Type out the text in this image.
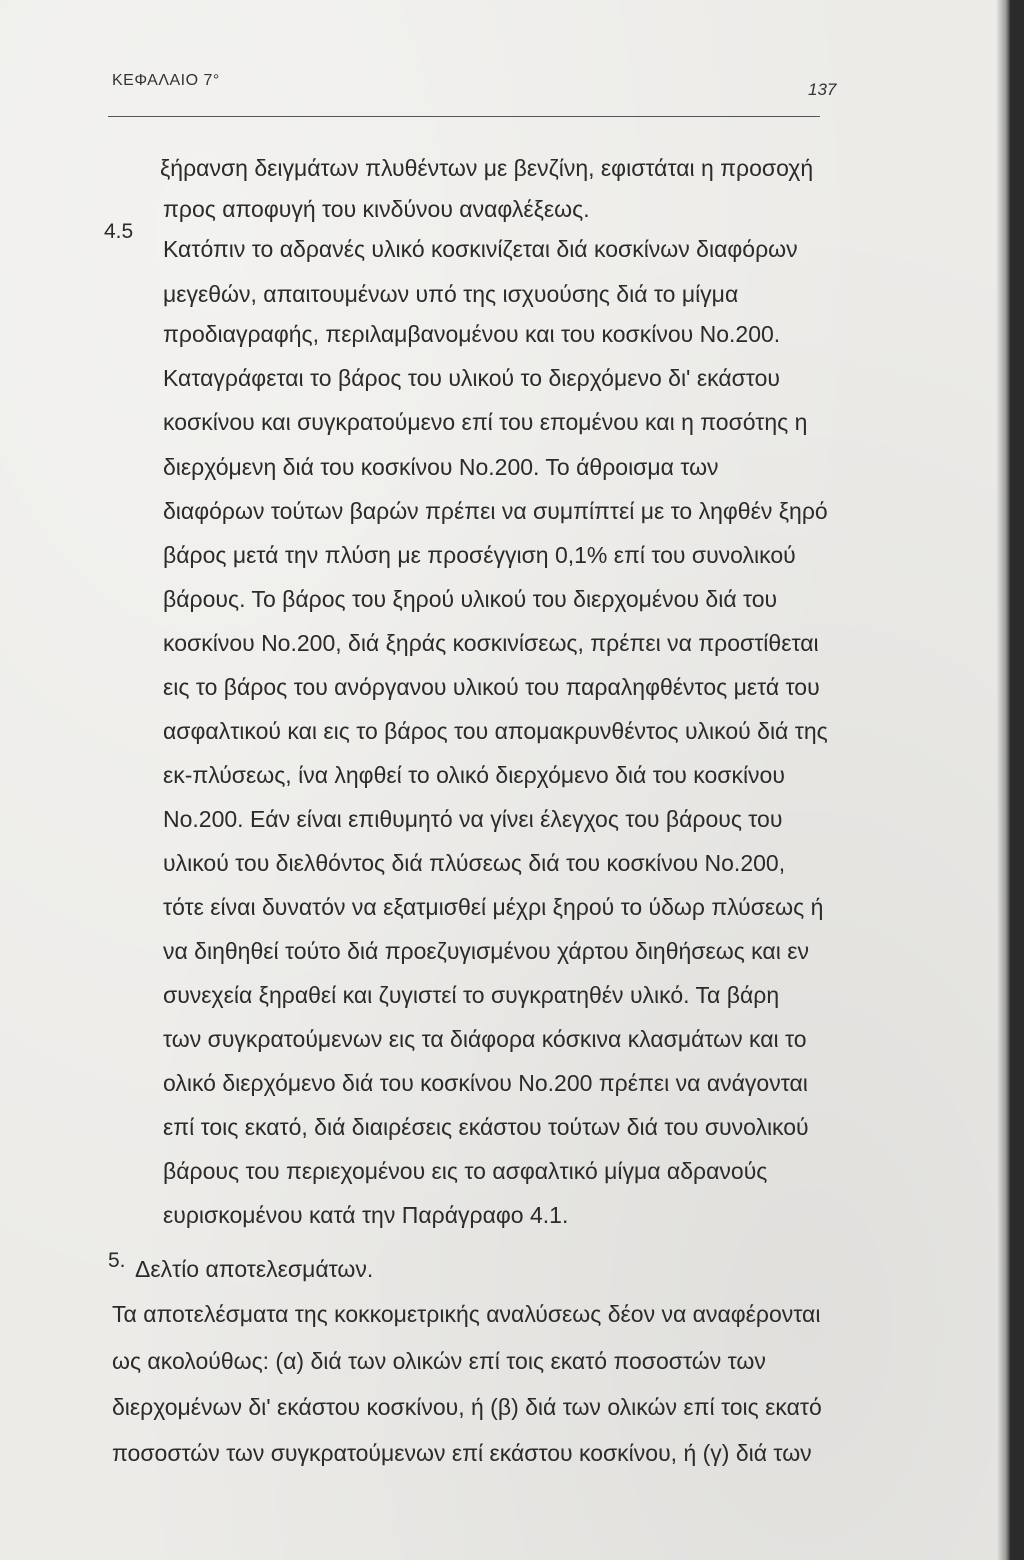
ΚΕΦΑΛΑΙΟ 7°	137
4.5
5.
ξήρανση δειγμάτων πλυθέντων με βενζίνη, εφιστάται η προσοχή
προς αποφυγή του κινδύνου αναφλέξεως.
Κατόπιν το αδρανές υλικό κοσκινίζεται διά κοσκίνων διαφόρων
μεγεθών, απαιτουμένων υπό της ισχυούσης διά το μίγμα
προδιαγραφής, περιλαμβανομένου και του κοσκίνου Νο.200.
Καταγράφεται το βάρος του υλικού το διερχόμενο δι' εκάστου
κοσκίνου και συγκρατούμενο επί του επομένου και η ποσότης η
διερχόμενη διά του κοσκίνου Νο.200. Το άθροισμα των
διαφόρων τούτων βαρών πρέπει να συμπίπτεί με το ληφθέν ξηρό
βάρος μετά την πλύση με προσέγγιση 0,1% επί του συνολικού
βάρους. Το βάρος του ξηρού υλικού του διερχομένου διά του
κοσκίνου Νο.200, διά ξηράς κοσκινίσεως, πρέπει να προστίθεται
εις το βάρος του ανόργανου υλικού του παραληφθέντος μετά του
ασφαλτικού και εις το βάρος του απομακρυνθέντος υλικού διά της
εκ-πλύσεως, ίνα ληφθεί το ολικό διερχόμενο διά του κοσκίνου
Νο.200. Εάν είναι επιθυμητό να γίνει έλεγχος του βάρους του
υλικού του διελθόντος διά πλύσεως διά του κοσκίνου Νο.200,
τότε είναι δυνατόν να εξατμισθεί μέχρι ξηρού το ύδωρ πλύσεως ή
να διηθηθεί τούτο διά προεζυγισμένου χάρτου διηθήσεως και εν
συνεχεία ξηραθεί και ζυγιστεί το συγκρατηθέν υλικό. Τα βάρη
των συγκρατούμενων εις τα διάφορα κόσκινα κλασμάτων και το
ολικό διερχόμενο διά του κοσκίνου Νο.200 πρέπει να ανάγονται
επί τοις εκατό, διά διαιρέσεις εκάστου τούτων διά του συνολικού
βάρους του περιεχομένου εις το ασφαλτικό μίγμα αδρανούς
ευρισκομένου κατά την Παράγραφο 4.1.
Δελτίο αποτελεσμάτων.
Τα αποτελέσματα της κοκκομετρικής αναλύσεως δέον να αναφέρονται
ως ακολούθως: (α) διά των ολικών επί τοις εκατό ποσοστών των
διερχομένων δι' εκάστου κοσκίνου, ή (β) διά των ολικών επί τοις εκατό
ποσοστών των συγκρατούμενων επί εκάστου κοσκίνου, ή (γ) διά των
